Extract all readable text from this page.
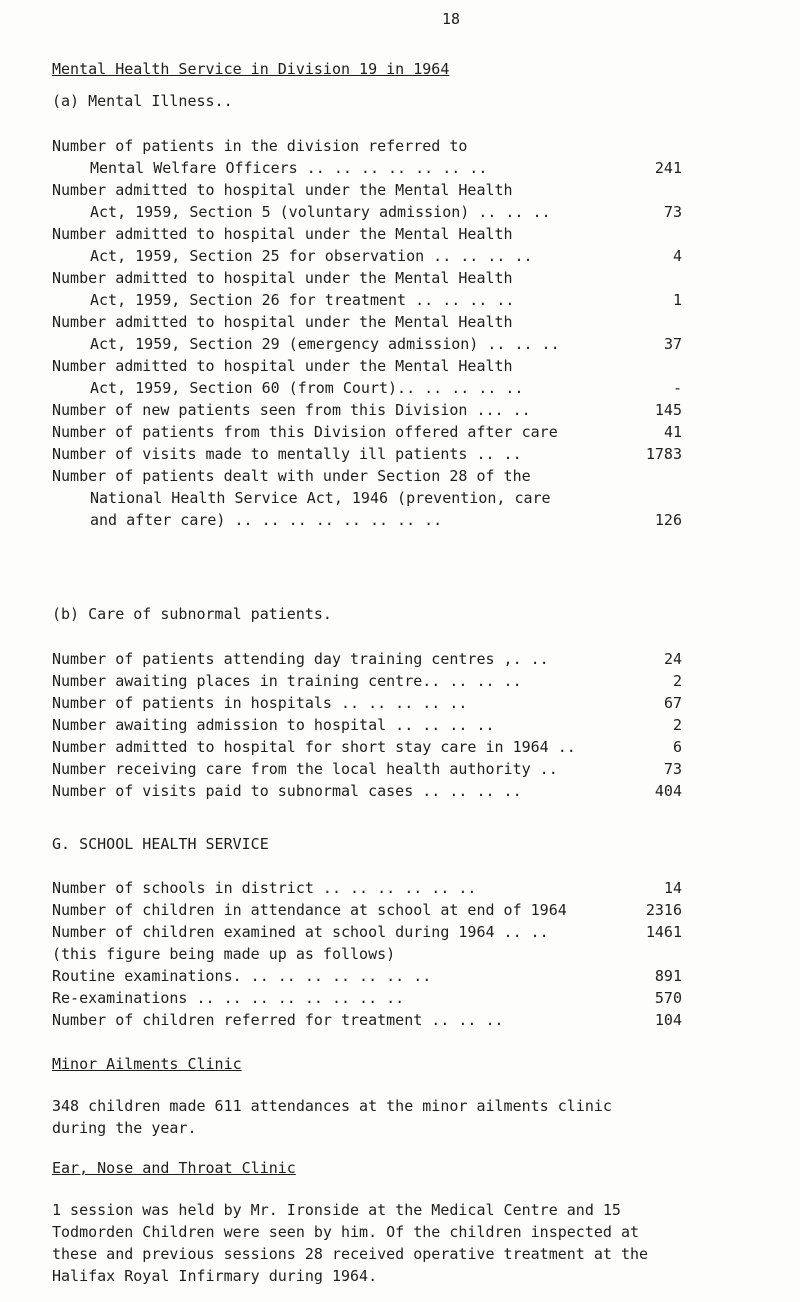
18
Mental Health Service in Division 19 in 1964
(a) Mental Illness..
Number of patients in the division referred to
Mental Welfare Officers .. .. .. .. .. .. ..	241
Number admitted to hospital under the Mental Health
Act, 1959, Section 5 (voluntary admission) .. .. ..	73
Number admitted to hospital under the Mental Health
Act, 1959, Section 25 for observation .. .. .. ..	4
Number admitted to hospital under the Mental Health
Act, 1959, Section 26 for treatment .. .. .. ..	1
Number admitted to hospital under the Mental Health
Act, 1959, Section 29 (emergency admission) .. .. ..	37
Number admitted to hospital under the Mental Health
Act, 1959, Section 60 (from Court).. .. .. .. ..	-
Number of new patients seen from this Division ... ..	145
Number of patients from this Division offered after care	41
Number of visits made to mentally ill patients .. ..	1783
Number of patients dealt with under Section 28 of the
National Health Service Act, 1946 (prevention, care
and after care) .. .. .. .. .. .. .. ..	126
(b) Care of subnormal patients.
Number of patients attending day training centres ,. ..	24
Number awaiting places in training centre.. .. .. ..	2
Number of patients in hospitals .. .. .. .. ..	67
Number awaiting admission to hospital .. .. .. ..	2
Number admitted to hospital for short stay care in 1964 ..	6
Number receiving care from the local health authority ..	73
Number of visits paid to subnormal cases .. .. .. ..	404
G. SCHOOL HEALTH SERVICE
Number of schools in district .. .. .. .. .. ..	14
Number of children in attendance at school at end of 1964	2316
Number of children examined at school during 1964 .. ..	1461
(this figure being made up as follows)
Routine examinations. .. .. .. .. .. .. ..	891
Re-examinations .. .. .. .. .. .. .. ..	570
Number of children referred for treatment .. .. ..	104
Minor Ailments Clinic
348 children made 611 attendances at the minor ailments clinic
during the year.
Ear, Nose and Throat Clinic
1 session was held by Mr. Ironside at the Medical Centre and 15
Todmorden Children were seen by him. Of the children inspected at
these and previous sessions 28 received operative treatment at the
Halifax Royal Infirmary during 1964.
